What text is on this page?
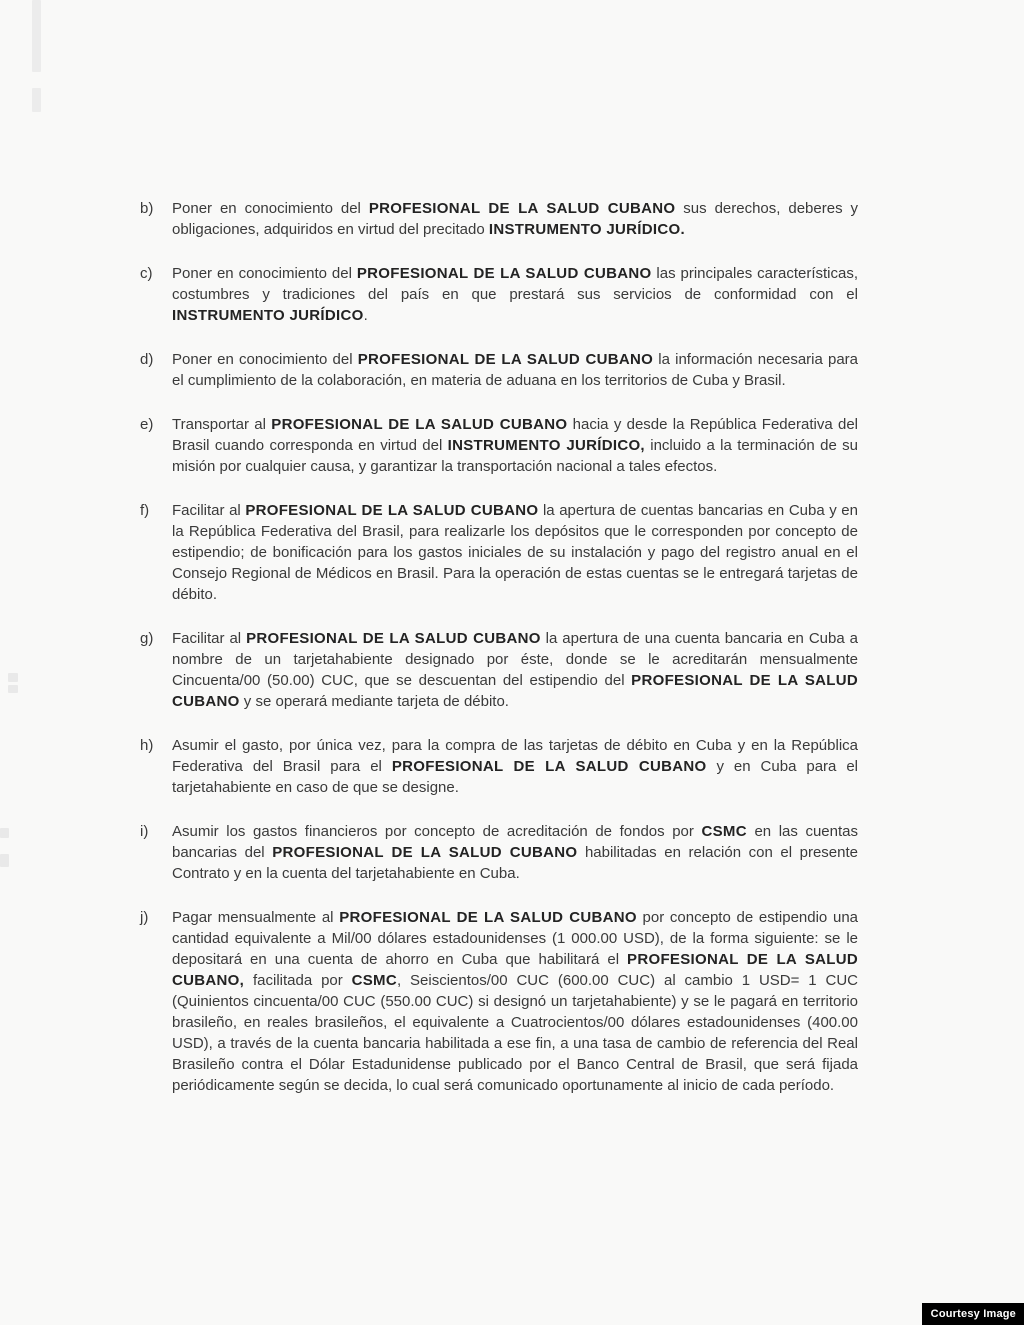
b) Poner en conocimiento del PROFESIONAL DE LA SALUD CUBANO sus derechos, deberes y obligaciones, adquiridos en virtud del precitado INSTRUMENTO JURÍDICO.
c) Poner en conocimiento del PROFESIONAL DE LA SALUD CUBANO las principales características, costumbres y tradiciones del país en que prestará sus servicios de conformidad con el INSTRUMENTO JURÍDICO.
d) Poner en conocimiento del PROFESIONAL DE LA SALUD CUBANO la información necesaria para el cumplimiento de la colaboración, en materia de aduana en los territorios de Cuba y Brasil.
e) Transportar al PROFESIONAL DE LA SALUD CUBANO hacia y desde la República Federativa del Brasil cuando corresponda en virtud del INSTRUMENTO JURÍDICO, incluido a la terminación de su misión por cualquier causa, y garantizar la transportación nacional a tales efectos.
f) Facilitar al PROFESIONAL DE LA SALUD CUBANO la apertura de cuentas bancarias en Cuba y en la República Federativa del Brasil, para realizarle los depósitos que le corresponden por concepto de estipendio; de bonificación para los gastos iniciales de su instalación y pago del registro anual en el Consejo Regional de Médicos en Brasil. Para la operación de estas cuentas se le entregará tarjetas de débito.
g) Facilitar al PROFESIONAL DE LA SALUD CUBANO la apertura de una cuenta bancaria en Cuba a nombre de un tarjetahabiente designado por éste, donde se le acreditarán mensualmente Cincuenta/00 (50.00) CUC, que se descuentan del estipendio del PROFESIONAL DE LA SALUD CUBANO y se operará mediante tarjeta de débito.
h) Asumir el gasto, por única vez, para la compra de las tarjetas de débito en Cuba y en la República Federativa del Brasil para el PROFESIONAL DE LA SALUD CUBANO y en Cuba para el tarjetahabiente en caso de que se designe.
i) Asumir los gastos financieros por concepto de acreditación de fondos por CSMC en las cuentas bancarias del PROFESIONAL DE LA SALUD CUBANO habilitadas en relación con el presente Contrato y en la cuenta del tarjetahabiente en Cuba.
j) Pagar mensualmente al PROFESIONAL DE LA SALUD CUBANO por concepto de estipendio una cantidad equivalente a Mil/00 dólares estadounidenses (1 000.00 USD), de la forma siguiente: se le depositará en una cuenta de ahorro en Cuba que habilitará el PROFESIONAL DE LA SALUD CUBANO, facilitada por CSMC, Seiscientos/00 CUC (600.00 CUC) al cambio 1 USD= 1 CUC (Quinientos cincuenta/00 CUC (550.00 CUC) si designó un tarjetahabiente) y se le pagará en territorio brasileño, en reales brasileños, el equivalente a Cuatrocientos/00 dólares estadounidenses (400.00 USD), a través de la cuenta bancaria habilitada a ese fin, a una tasa de cambio de referencia del Real Brasileño contra el Dólar Estadunidense publicado por el Banco Central de Brasil, que será fijada periódicamente según se decida, lo cual será comunicado oportunamente al inicio de cada período.
Courtesy Image
